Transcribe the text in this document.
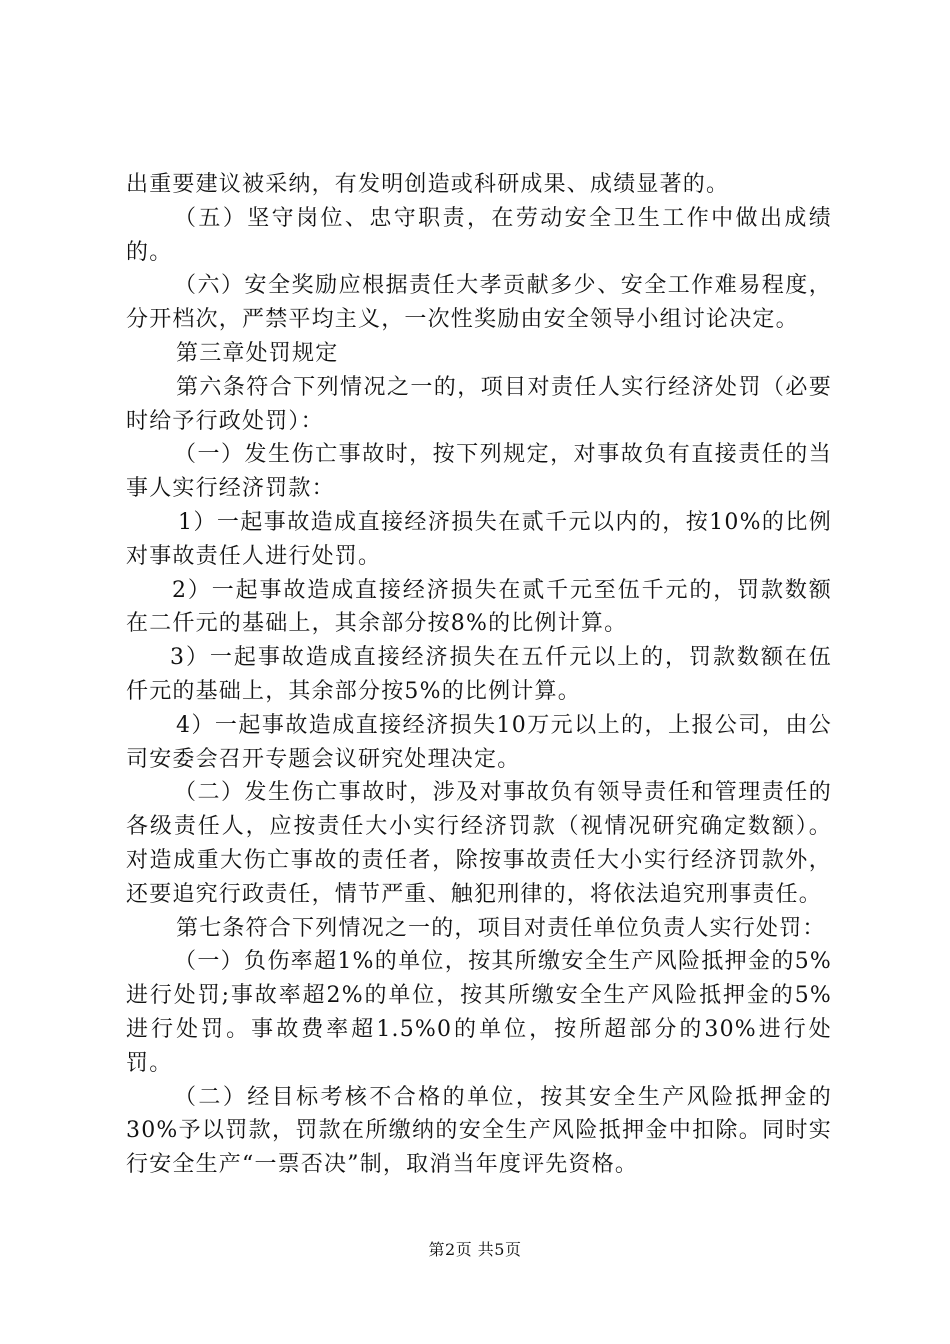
出重要建议被采纳，有发明创造或科研成果、成绩显著的。

（五）坚守岗位、忠守职责，在劳动安全卫生工作中做出成绩的。

（六）安全奖励应根据责任大孝贡献多少、安全工作难易程度，分开档次，严禁平均主义，一次性奖励由安全领导小组讨论决定。

第三章处罚规定

第六条符合下列情况之一的，项目对责任人实行经济处罚（必要时给予行政处罚）：

（一）发生伤亡事故时，按下列规定，对事故负有直接责任的当事人实行经济罚款：

1）一起事故造成直接经济损失在贰千元以内的，按10%的比例对事故责任人进行处罚。

2）一起事故造成直接经济损失在贰千元至伍千元的，罚款数额在二仟元的基础上，其余部分按8%的比例计算。

3）一起事故造成直接经济损失在五仟元以上的，罚款数额在伍仟元的基础上，其余部分按5%的比例计算。

4）一起事故造成直接经济损失10万元以上的，上报公司，由公司安委会召开专题会议研究处理决定。

（二）发生伤亡事故时，涉及对事故负有领导责任和管理责任的各级责任人，应按责任大小实行经济罚款（视情况研究确定数额）。对造成重大伤亡事故的责任者，除按事故责任大小实行经济罚款外，还要追究行政责任，情节严重、触犯刑律的，将依法追究刑事责任。

第七条符合下列情况之一的，项目对责任单位负责人实行处罚：

（一）负伤率超1%的单位，按其所缴安全生产风险抵押金的5%进行处罚;事故率超2%的单位，按其所缴安全生产风险抵押金的5%进行处罚。事故费率超1.5%0的单位，按所超部分的30%进行处罚。

（二）经目标考核不合格的单位，按其安全生产风险抵押金的30%予以罚款，罚款在所缴纳的安全生产风险抵押金中扣除。同时实行安全生产“一票否决”制，取消当年度评先资格。

第2页 共5页
